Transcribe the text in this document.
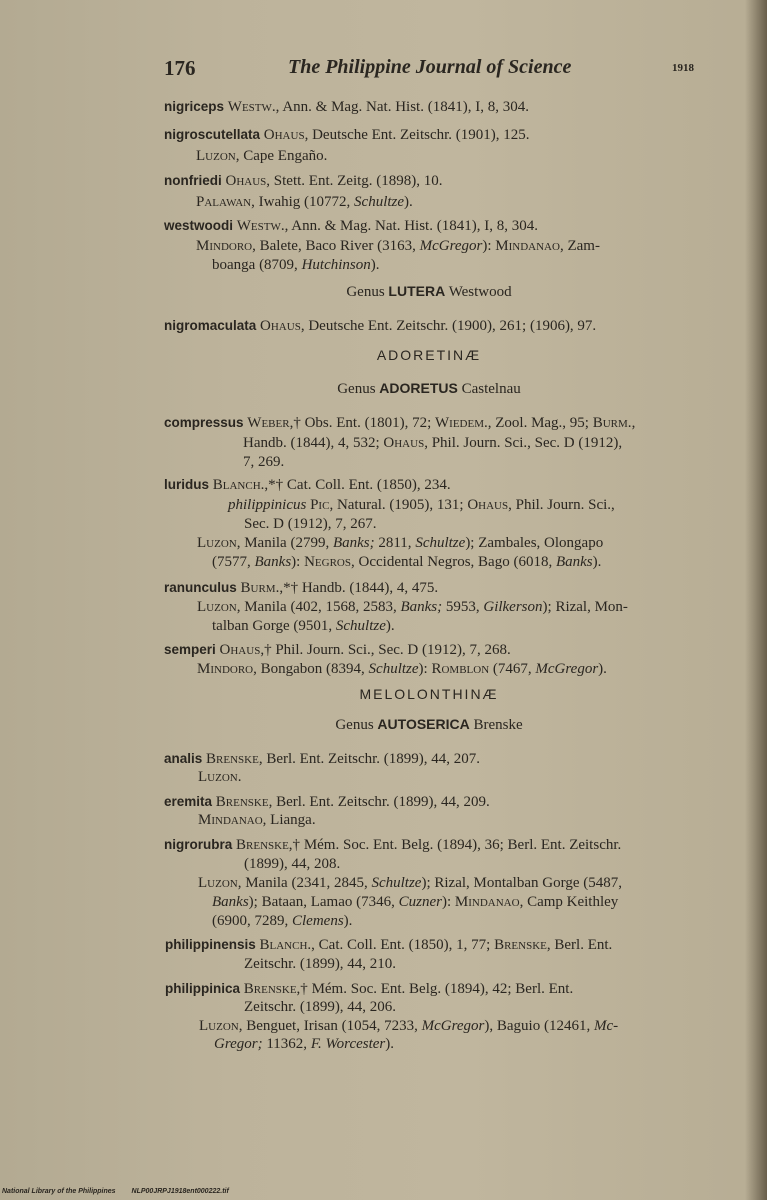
176	The Philippine Journal of Science	1918
nigriceps Westw., Ann. & Mag. Nat. Hist. (1841), I, 8, 304.
nigroscutellata Ohaus, Deutsche Ent. Zeitschr. (1901), 125.
Luzon, Cape Engaño.
nonfriedi Ohaus, Stett. Ent. Zeitg. (1898), 10.
Palawan, Iwahig (10772, Schultze).
westwoodi Westw., Ann. & Mag. Nat. Hist. (1841), I, 8, 304.
Mindoro, Balete, Baco River (3163, McGregor): Mindanao, Zam-
boanga (8709, Hutchinson).
Genus LUTERA Westwood
nigromaculata Ohaus, Deutsche Ent. Zeitschr. (1900), 261; (1906), 97.
ADORETINÆ
Genus ADORETUS Castelnau
compressus Weber,† Obs. Ent. (1801), 72; Wiedem., Zool. Mag., 95; Burm.,
Handb. (1844), 4, 532; Ohaus, Phil. Journ. Sci., Sec. D (1912),
7, 269.
luridus Blanch.,*† Cat. Coll. Ent. (1850), 234.
philippinicus Pic, Natural. (1905), 131; Ohaus, Phil. Journ. Sci.,
Sec. D (1912), 7, 267.
Luzon, Manila (2799, Banks; 2811, Schultze); Zambales, Olongapo
(7577, Banks): Negros, Occidental Negros, Bago (6018, Banks).
ranunculus Burm.,*† Handb. (1844), 4, 475.
Luzon, Manila (402, 1568, 2583, Banks; 5953, Gilkerson); Rizal, Mon-
talban Gorge (9501, Schultze).
semperi Ohaus,† Phil. Journ. Sci., Sec. D (1912), 7, 268.
Mindoro, Bongabon (8394, Schultze): Romblon (7467, McGregor).
MELOLONTHINÆ
Genus AUTOSERICA Brenske
analis Brenske, Berl. Ent. Zeitschr. (1899), 44, 207.
Luzon.
eremita Brenske, Berl. Ent. Zeitschr. (1899), 44, 209.
Mindanao, Lianga.
nigrorubra Brenske,† Mém. Soc. Ent. Belg. (1894), 36; Berl. Ent. Zeitschr.
(1899), 44, 208.
Luzon, Manila (2341, 2845, Schultze); Rizal, Montalban Gorge (5487,
Banks); Bataan, Lamao (7346, Cuzner): Mindanao, Camp Keithley
(6900, 7289, Clemens).
philippinensis Blanch., Cat. Coll. Ent. (1850), 1, 77; Brenske, Berl. Ent.
Zeitschr. (1899), 44, 210.
philippinica Brenske,† Mém. Soc. Ent. Belg. (1894), 42; Berl. Ent.
Zeitschr. (1899), 44, 206.
Luzon, Benguet, Irisan (1054, 7233, McGregor), Baguio (12461, Mc-
Gregor; 11362, F. Worcester).
National Library of the Philippines NLP00JRPJ1918ent000222.tif
